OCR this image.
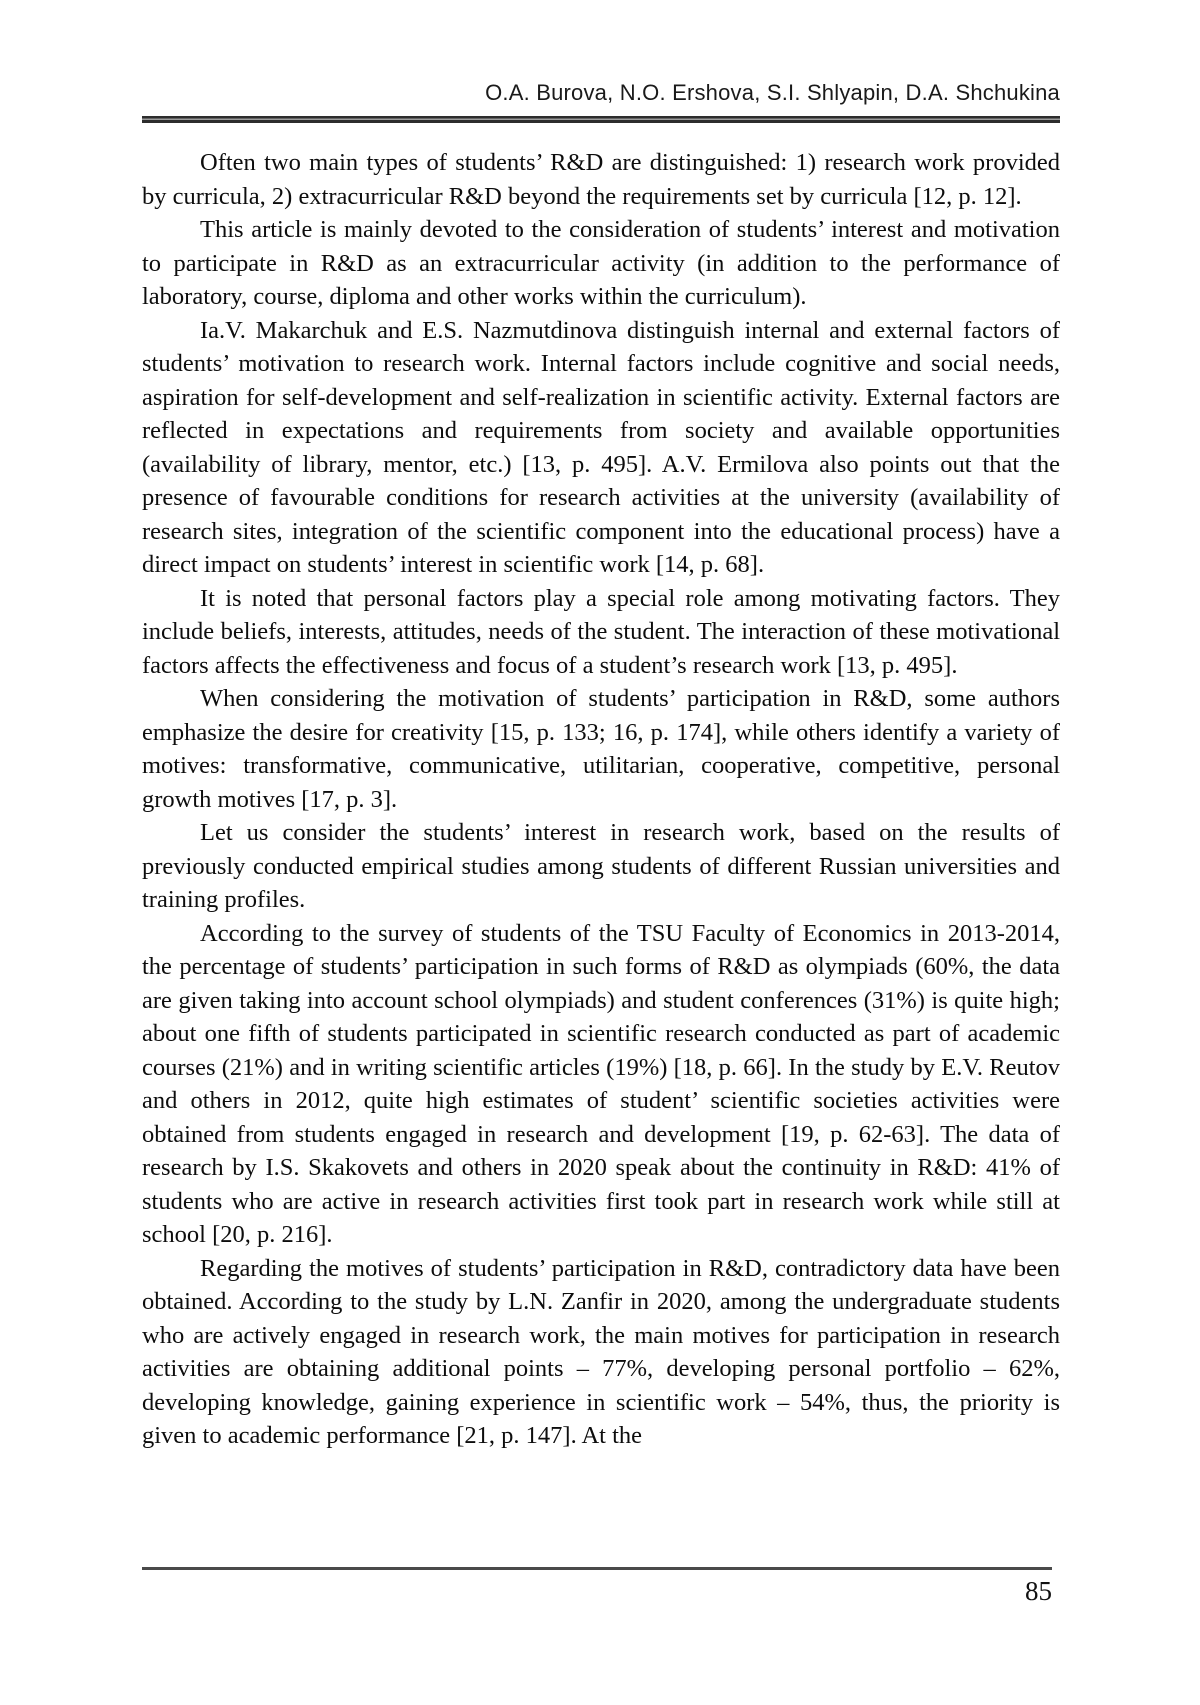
O.A. Burova, N.O. Ershova, S.I. Shlyapin, D.A. Shchukina

Often two main types of students’ R&D are distinguished: 1) research work provided by curricula, 2) extracurricular R&D beyond the requirements set by curricula [12, p. 12].

This article is mainly devoted to the consideration of students’ interest and motivation to participate in R&D as an extracurricular activity (in addition to the performance of laboratory, course, diploma and other works within the curriculum).

Ia.V. Makarchuk and E.S. Nazmutdinova distinguish internal and external factors of students’ motivation to research work. Internal factors include cognitive and social needs, aspiration for self-development and self-realization in scientific activity. External factors are reflected in expectations and requirements from society and available opportunities (availability of library, mentor, etc.) [13, p. 495]. A.V. Ermilova also points out that the presence of favourable conditions for research activities at the university (availability of research sites, integration of the scientific component into the educational process) have a direct impact on students’ interest in scientific work [14, p. 68].

It is noted that personal factors play a special role among motivating factors. They include beliefs, interests, attitudes, needs of the student. The interaction of these motivational factors affects the effectiveness and focus of a student’s research work [13, p. 495].

When considering the motivation of students’ participation in R&D, some authors emphasize the desire for creativity [15, p. 133; 16, p. 174], while others identify a variety of motives: transformative, communicative, utilitarian, cooperative, competitive, personal growth motives [17, p. 3].

Let us consider the students’ interest in research work, based on the results of previously conducted empirical studies among students of different Russian universities and training profiles.

According to the survey of students of the TSU Faculty of Economics in 2013-2014, the percentage of students’ participation in such forms of R&D as olympiads (60%, the data are given taking into account school olympiads) and student conferences (31%) is quite high; about one fifth of students participated in scientific research conducted as part of academic courses (21%) and in writing scientific articles (19%) [18, p. 66]. In the study by E.V. Reutov and others in 2012, quite high estimates of student’ scientific societies activities were obtained from students engaged in research and development [19, p. 62-63]. The data of research by I.S. Skakovets and others in 2020 speak about the continuity in R&D: 41% of students who are active in research activities first took part in research work while still at school [20, p. 216].

Regarding the motives of students’ participation in R&D, contradictory data have been obtained. According to the study by L.N. Zanfir in 2020, among the undergraduate students who are actively engaged in research work, the main motives for participation in research activities are obtaining additional points – 77%, developing personal portfolio – 62%, developing knowledge, gaining experience in scientific work – 54%, thus, the priority is given to academic performance [21, p. 147]. At the

85
